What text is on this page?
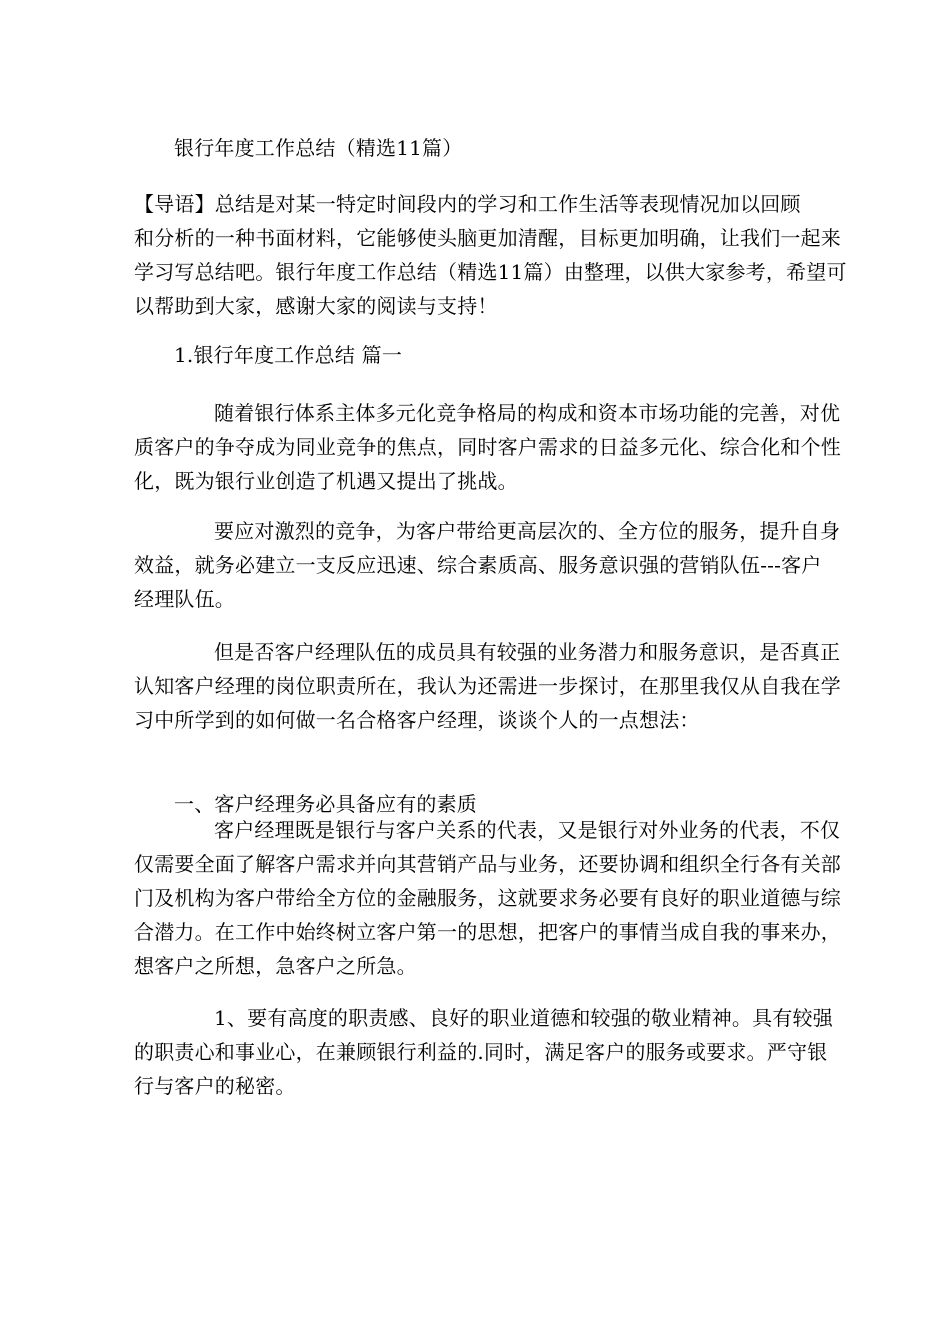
银行年度工作总结（精选11篇）

【导语】总结是对某一特定时间段内的学习和工作生活等表现情况加以回顾
和分析的一种书面材料，它能够使头脑更加清醒，目标更加明确，让我们一起来
学习写总结吧。银行年度工作总结（精选11篇）由整理，以供大家参考，希望可
以帮助到大家，感谢大家的阅读与支持！

1.银行年度工作总结 篇一

随着银行体系主体多元化竞争格局的构成和资本市场功能的完善，对优
质客户的争夺成为同业竞争的焦点，同时客户需求的日益多元化、综合化和个性
化，既为银行业创造了机遇又提出了挑战。

要应对激烈的竞争，为客户带给更高层次的、全方位的服务，提升自身
效益，就务必建立一支反应迅速、综合素质高、服务意识强的营销队伍---客户
经理队伍。

但是否客户经理队伍的成员具有较强的业务潜力和服务意识，是否真正
认知客户经理的岗位职责所在，我认为还需进一步探讨，在那里我仅从自我在学
习中所学到的如何做一名合格客户经理，谈谈个人的一点想法：

一、客户经理务必具备应有的素质

客户经理既是银行与客户关系的代表，又是银行对外业务的代表，不仅
仅需要全面了解客户需求并向其营销产品与业务，还要协调和组织全行各有关部
门及机构为客户带给全方位的金融服务，这就要求务必要有良好的职业道德与综
合潜力。在工作中始终树立客户第一的思想，把客户的事情当成自我的事来办，
想客户之所想，急客户之所急。

1、要有高度的职责感、良好的职业道德和较强的敬业精神。具有较强
的职责心和事业心，在兼顾银行利益的.同时，满足客户的服务或要求。严守银
行与客户的秘密。
